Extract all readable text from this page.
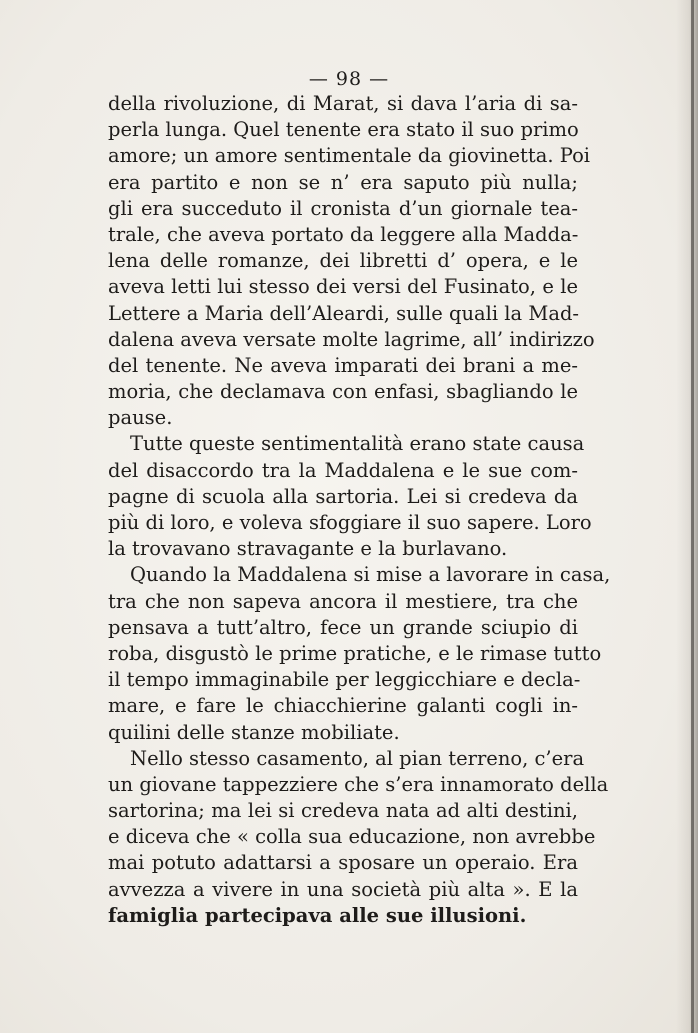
— 98 —
della rivoluzione, di Marat, si dava l’aria di sa-
perla lunga. Quel tenente era stato il suo primo
amore; un amore sentimentale da giovinetta. Poi
era partito e non se n’ era saputo più nulla;
gli era succeduto il cronista d’un giornale tea-
trale, che aveva portato da leggere alla Madda-
lena delle romanze, dei libretti d’ opera, e le
aveva letti lui stesso dei versi del Fusinato, e le
Lettere a Maria dell’Aleardi, sulle quali la Mad-
dalena aveva versate molte lagrime, all’ indirizzo
del tenente. Ne aveva imparati dei brani a me-
moria, che declamava con enfasi, sbagliando le
pause.
Tutte queste sentimentalità erano state causa
del disaccordo tra la Maddalena e le sue com-
pagne di scuola alla sartoria. Lei si credeva da
più di loro, e voleva sfoggiare il suo sapere. Loro
la trovavano stravagante e la burlavano.
Quando la Maddalena si mise a lavorare in casa,
tra che non sapeva ancora il mestiere, tra che
pensava a tutt’altro, fece un grande sciupio di
roba, disgustò le prime pratiche, e le rimase tutto
il tempo immaginabile per leggicchiare e decla-
mare, e fare le chiacchierine galanti cogli in-
quilini delle stanze mobiliate.
Nello stesso casamento, al pian terreno, c’era
un giovane tappezziere che s’era innamorato della
sartorina; ma lei si credeva nata ad alti destini,
e diceva che « colla sua educazione, non avrebbe
mai potuto adattarsi a sposare un operaio. Era
avvezza a vivere in una società più alta ». E la
famiglia partecipava alle sue illusioni.
